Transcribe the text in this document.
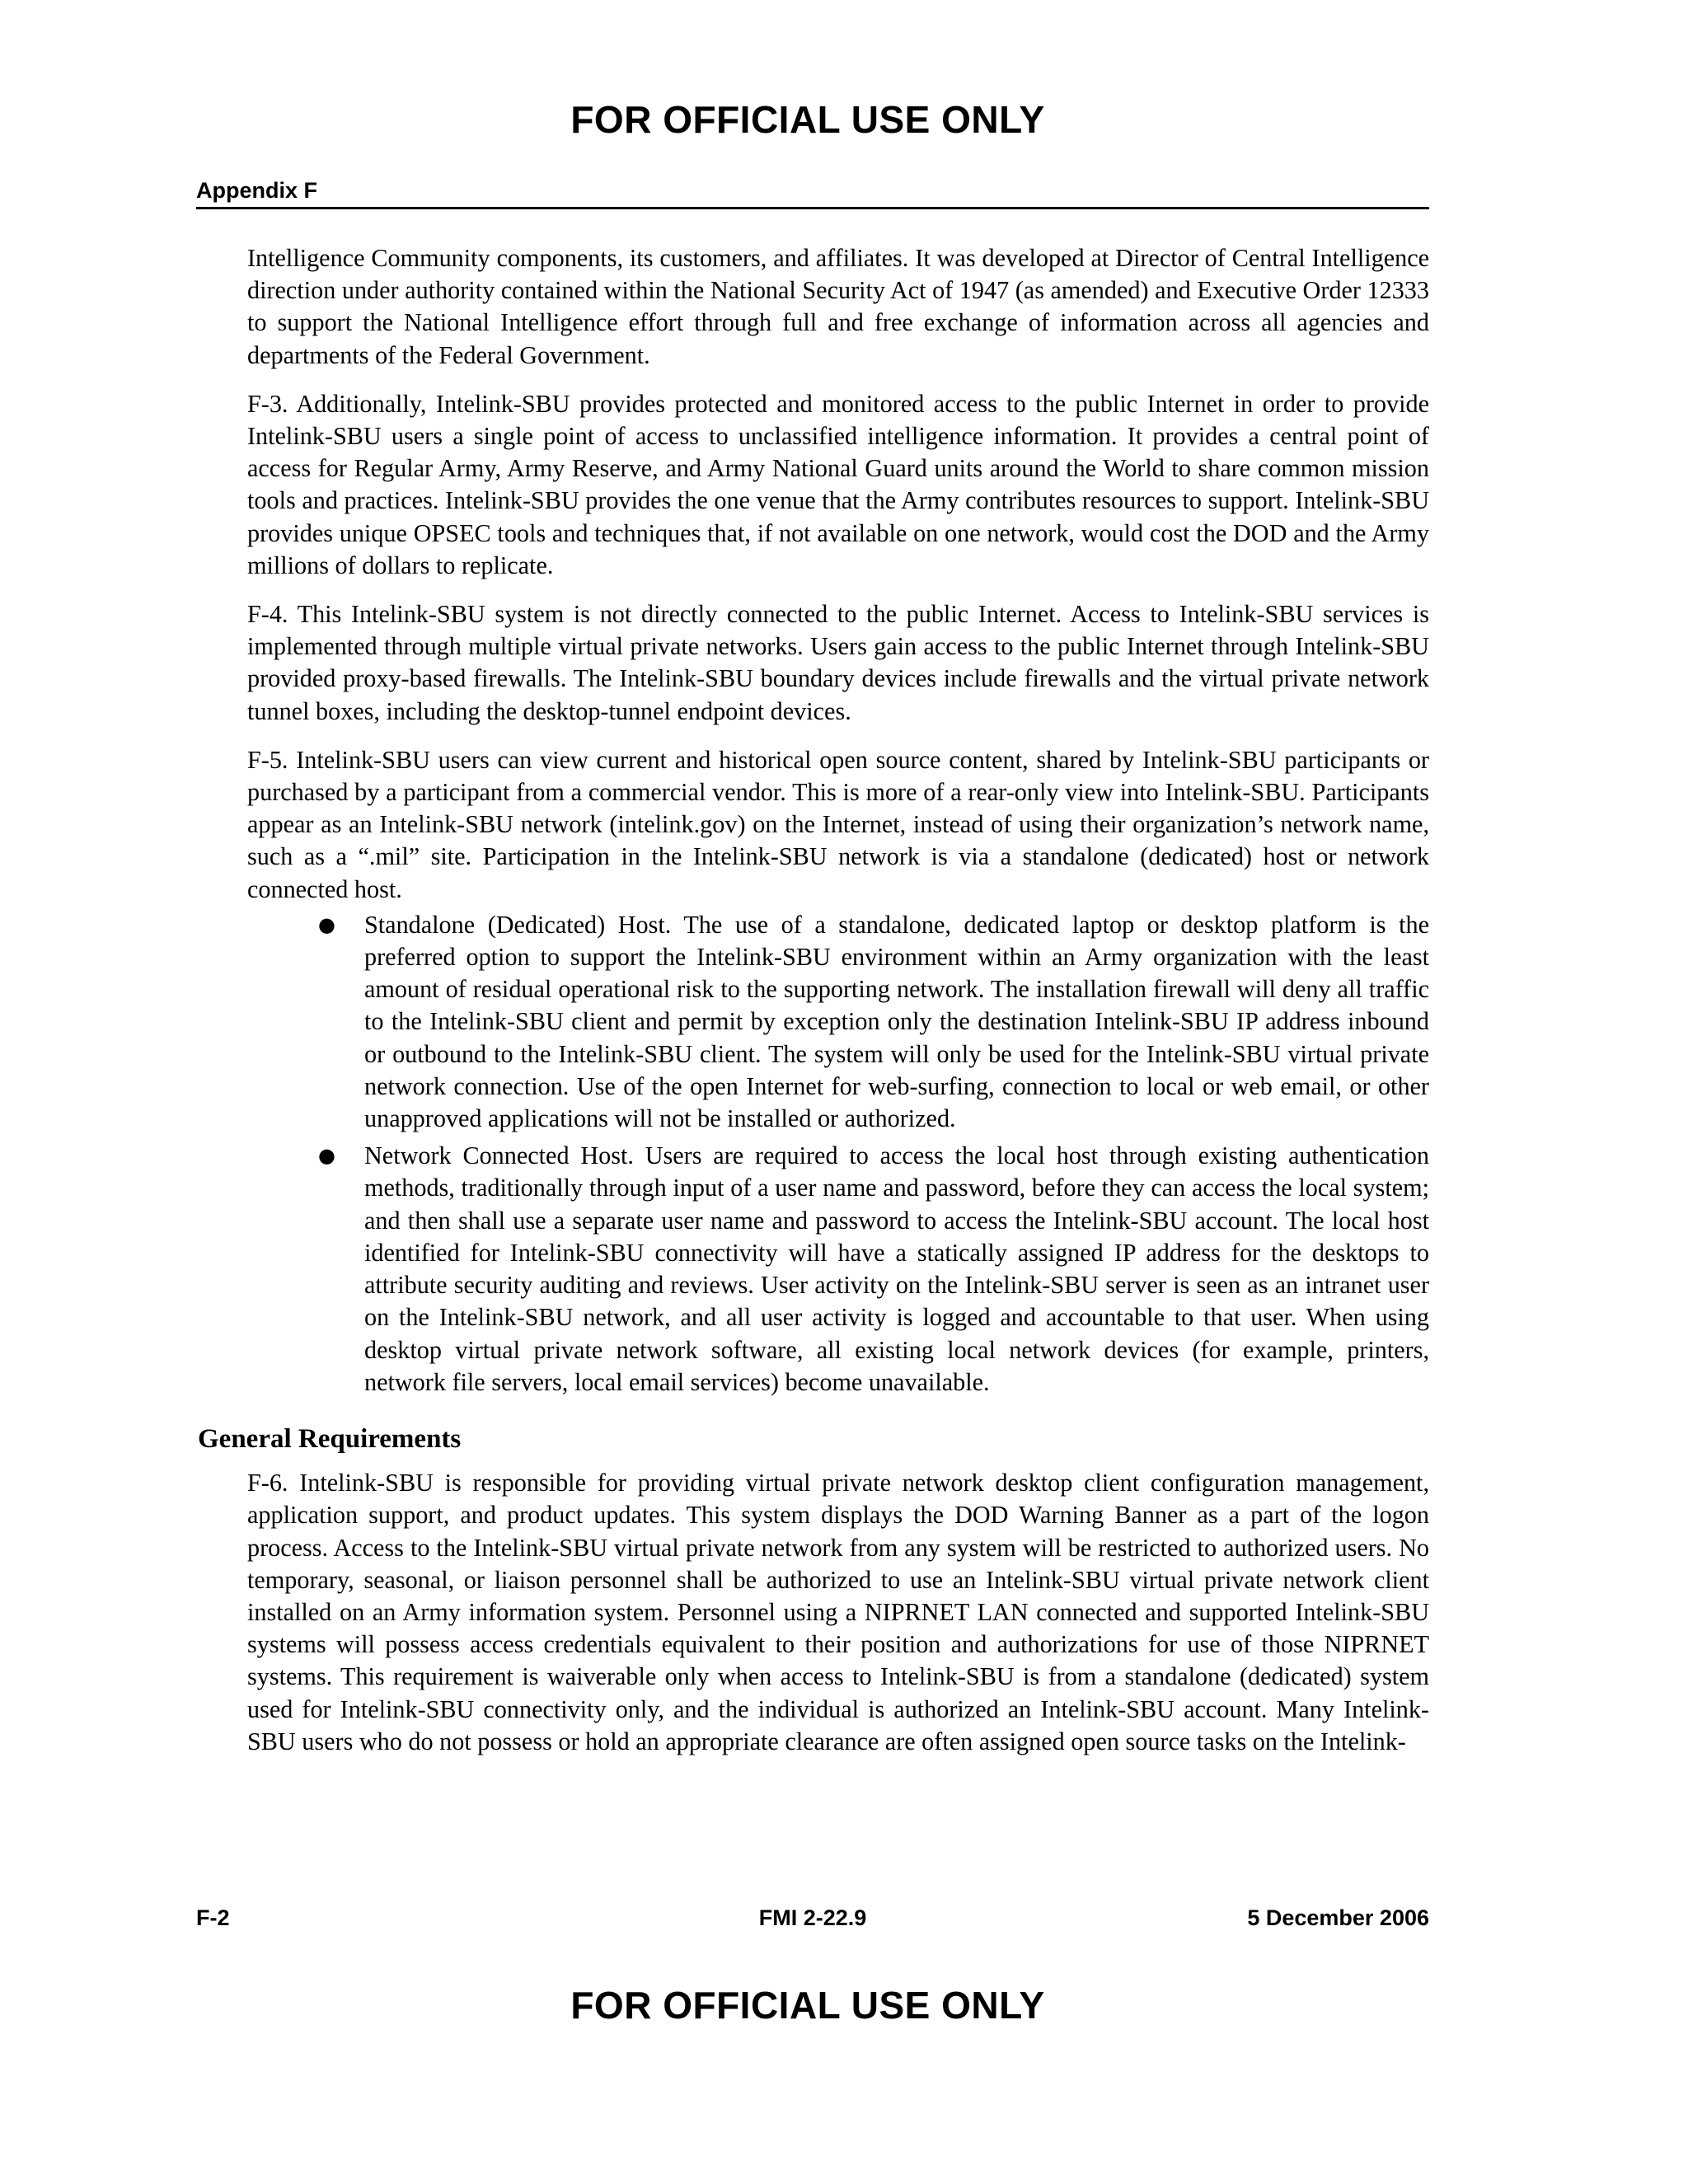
FOR OFFICIAL USE ONLY
Appendix F

Intelligence Community components, its customers, and affiliates. It was developed at Director of Central Intelligence direction under authority contained within the National Security Act of 1947 (as amended) and Executive Order 12333 to support the National Intelligence effort through full and free exchange of information across all agencies and departments of the Federal Government.

F-3. Additionally, Intelink-SBU provides protected and monitored access to the public Internet in order to provide Intelink-SBU users a single point of access to unclassified intelligence information. It provides a central point of access for Regular Army, Army Reserve, and Army National Guard units around the World to share common mission tools and practices. Intelink-SBU provides the one venue that the Army contributes resources to support. Intelink-SBU provides unique OPSEC tools and techniques that, if not available on one network, would cost the DOD and the Army millions of dollars to replicate.

F-4. This Intelink-SBU system is not directly connected to the public Internet. Access to Intelink-SBU services is implemented through multiple virtual private networks. Users gain access to the public Internet through Intelink-SBU provided proxy-based firewalls. The Intelink-SBU boundary devices include firewalls and the virtual private network tunnel boxes, including the desktop-tunnel endpoint devices.

F-5. Intelink-SBU users can view current and historical open source content, shared by Intelink-SBU participants or purchased by a participant from a commercial vendor. This is more of a rear-only view into Intelink-SBU. Participants appear as an Intelink-SBU network (intelink.gov) on the Internet, instead of using their organization’s network name, such as a “.mil” site. Participation in the Intelink-SBU network is via a standalone (dedicated) host or network connected host.

● Standalone (Dedicated) Host. The use of a standalone, dedicated laptop or desktop platform is the preferred option to support the Intelink-SBU environment within an Army organization with the least amount of residual operational risk to the supporting network. The installation firewall will deny all traffic to the Intelink-SBU client and permit by exception only the destination Intelink-SBU IP address inbound or outbound to the Intelink-SBU client. The system will only be used for the Intelink-SBU virtual private network connection. Use of the open Internet for web-surfing, connection to local or web email, or other unapproved applications will not be installed or authorized.
● Network Connected Host. Users are required to access the local host through existing authentication methods, traditionally through input of a user name and password, before they can access the local system; and then shall use a separate user name and password to access the Intelink-SBU account. The local host identified for Intelink-SBU connectivity will have a statically assigned IP address for the desktops to attribute security auditing and reviews. User activity on the Intelink-SBU server is seen as an intranet user on the Intelink-SBU network, and all user activity is logged and accountable to that user. When using desktop virtual private network software, all existing local network devices (for example, printers, network file servers, local email services) become unavailable.
General Requirements

F-6. Intelink-SBU is responsible for providing virtual private network desktop client configuration management, application support, and product updates. This system displays the DOD Warning Banner as a part of the logon process. Access to the Intelink-SBU virtual private network from any system will be restricted to authorized users. No temporary, seasonal, or liaison personnel shall be authorized to use an Intelink-SBU virtual private network client installed on an Army information system. Personnel using a NIPRNET LAN connected and supported Intelink-SBU systems will possess access credentials equivalent to their position and authorizations for use of those NIPRNET systems. This requirement is waiverable only when access to Intelink-SBU is from a standalone (dedicated) system used for Intelink-SBU connectivity only, and the individual is authorized an Intelink-SBU account. Many Intelink-SBU users who do not possess or hold an appropriate clearance are often assigned open source tasks on the Intelink-

F-2	FMI 2-22.9	5 December 2006
FOR OFFICIAL USE ONLY
